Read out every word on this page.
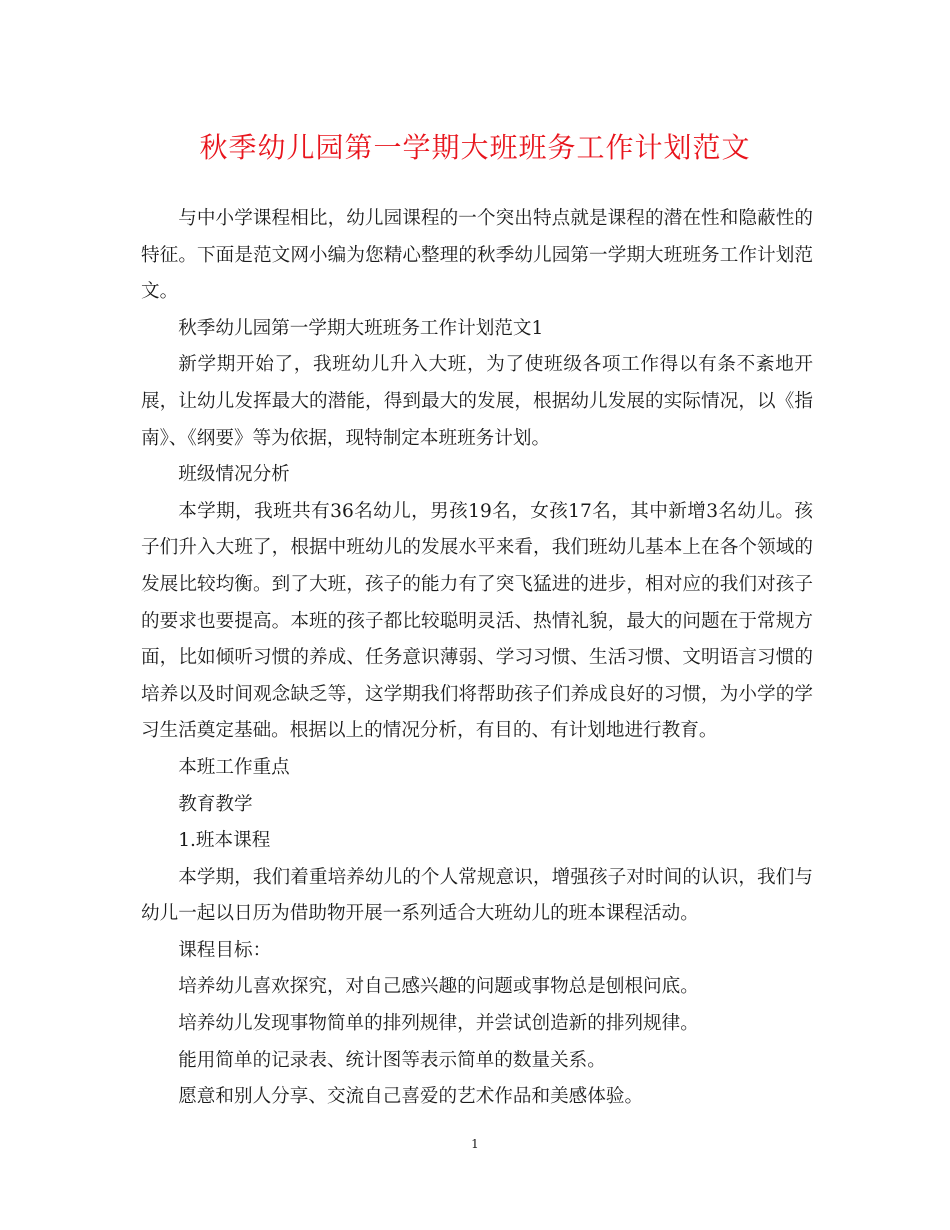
秋季幼儿园第一学期大班班务工作计划范文

与中小学课程相比，幼儿园课程的一个突出特点就是课程的潜在性和隐蔽性的特征。下面是范文网小编为您精心整理的秋季幼儿园第一学期大班班务工作计划范文。

秋季幼儿园第一学期大班班务工作计划范文1

新学期开始了，我班幼儿升入大班，为了使班级各项工作得以有条不紊地开展，让幼儿发挥最大的潜能，得到最大的发展，根据幼儿发展的实际情况，以《指南》、《纲要》等为依据，现特制定本班班务计划。

班级情况分析

本学期，我班共有36名幼儿，男孩19名，女孩17名，其中新增3名幼儿。孩子们升入大班了，根据中班幼儿的发展水平来看，我们班幼儿基本上在各个领域的发展比较均衡。到了大班，孩子的能力有了突飞猛进的进步，相对应的我们对孩子的要求也要提高。本班的孩子都比较聪明灵活、热情礼貌，最大的问题在于常规方面，比如倾听习惯的养成、任务意识薄弱、学习习惯、生活习惯、文明语言习惯的培养以及时间观念缺乏等，这学期我们将帮助孩子们养成良好的习惯，为小学的学习生活奠定基础。根据以上的情况分析，有目的、有计划地进行教育。

本班工作重点

教育教学

1.班本课程

本学期，我们着重培养幼儿的个人常规意识，增强孩子对时间的认识，我们与幼儿一起以日历为借助物开展一系列适合大班幼儿的班本课程活动。

课程目标：

培养幼儿喜欢探究，对自己感兴趣的问题或事物总是刨根问底。

培养幼儿发现事物简单的排列规律，并尝试创造新的排列规律。

能用简单的记录表、统计图等表示简单的数量关系。

愿意和别人分享、交流自己喜爱的艺术作品和美感体验。

1
